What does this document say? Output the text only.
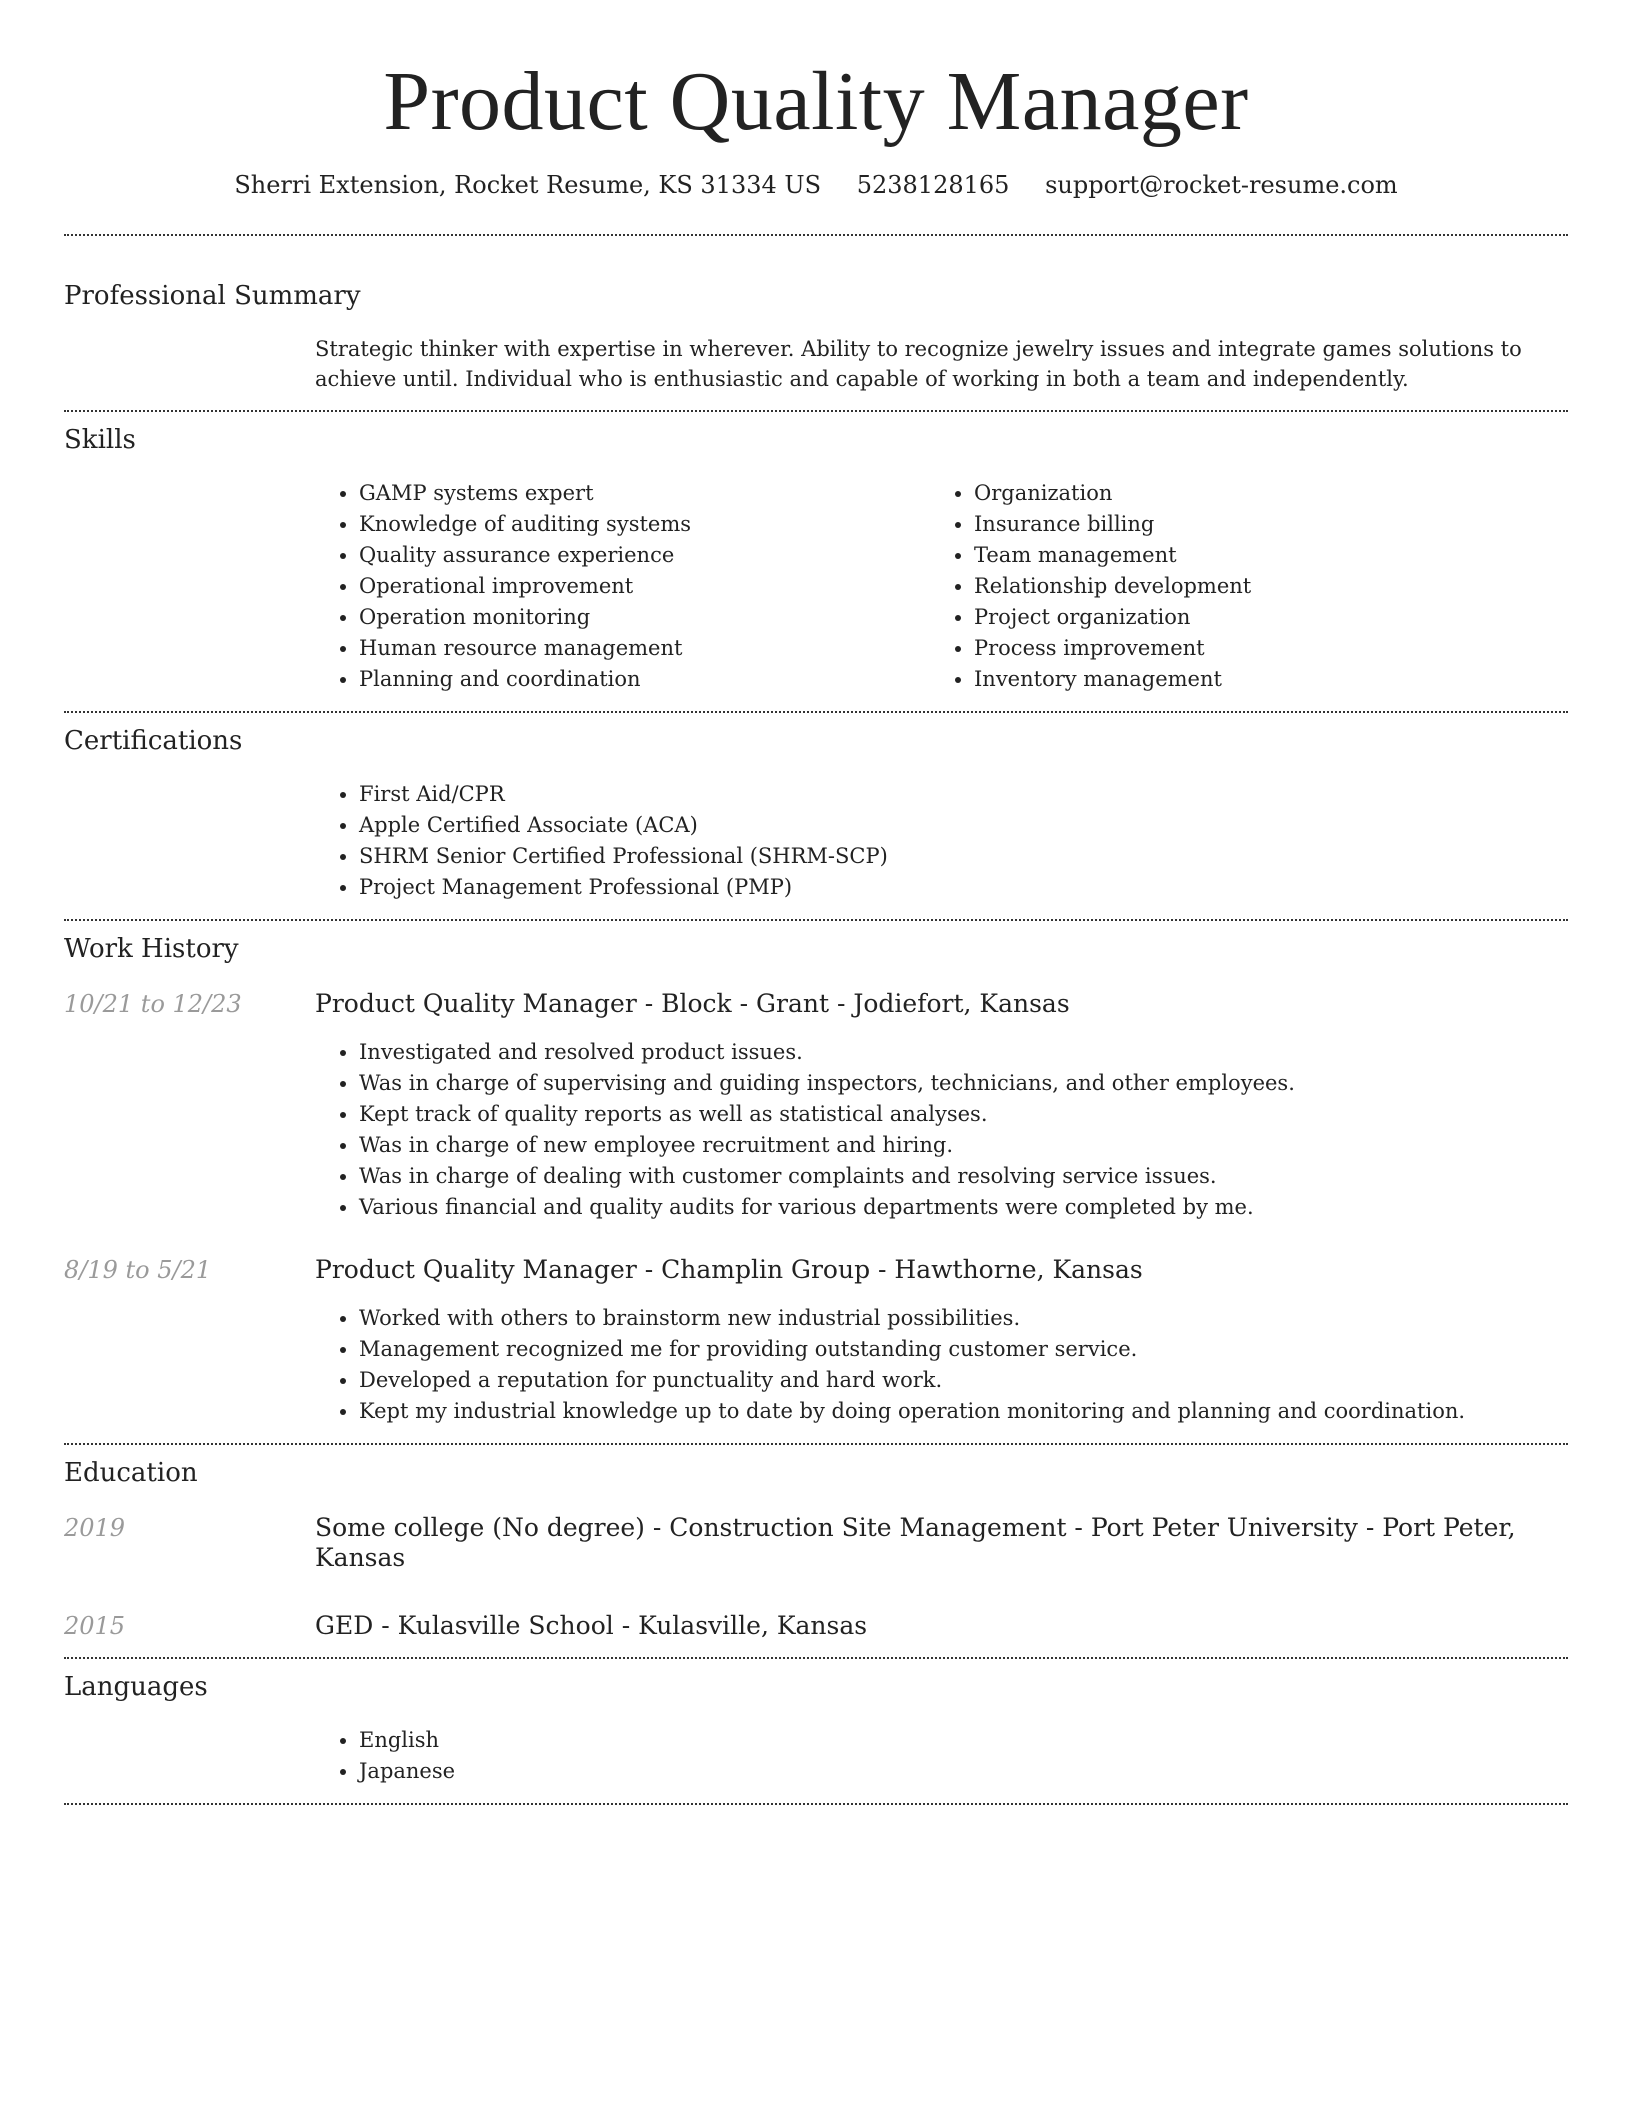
Product Quality Manager
Sherri Extension, Rocket Resume, KS 31334 US 5238128165 support@rocket-resume.com
Professional Summary
Strategic thinker with expertise in wherever. Ability to recognize jewelry issues and integrate games solutions to achieve until. Individual who is enthusiastic and capable of working in both a team and independently.
Skills
• GAMP systems expert
• Knowledge of auditing systems
• Quality assurance experience
• Operational improvement
• Operation monitoring
• Human resource management
• Planning and coordination
• Organization
• Insurance billing
• Team management
• Relationship development
• Project organization
• Process improvement
• Inventory management
Certifications
• First Aid/CPR
• Apple Certified Associate (ACA)
• SHRM Senior Certified Professional (SHRM-SCP)
• Project Management Professional (PMP)
Work History
10/21 to 12/23	Product Quality Manager - Block - Grant - Jodiefort, Kansas
• Investigated and resolved product issues.
• Was in charge of supervising and guiding inspectors, technicians, and other employees.
• Kept track of quality reports as well as statistical analyses.
• Was in charge of new employee recruitment and hiring.
• Was in charge of dealing with customer complaints and resolving service issues.
• Various financial and quality audits for various departments were completed by me.
8/19 to 5/21	Product Quality Manager - Champlin Group - Hawthorne, Kansas
• Worked with others to brainstorm new industrial possibilities.
• Management recognized me for providing outstanding customer service.
• Developed a reputation for punctuality and hard work.
• Kept my industrial knowledge up to date by doing operation monitoring and planning and coordination.
Education
2019	Some college (No degree) - Construction Site Management - Port Peter University - Port Peter, Kansas
2015	GED - Kulasville School - Kulasville, Kansas
Languages
• English
• Japanese
